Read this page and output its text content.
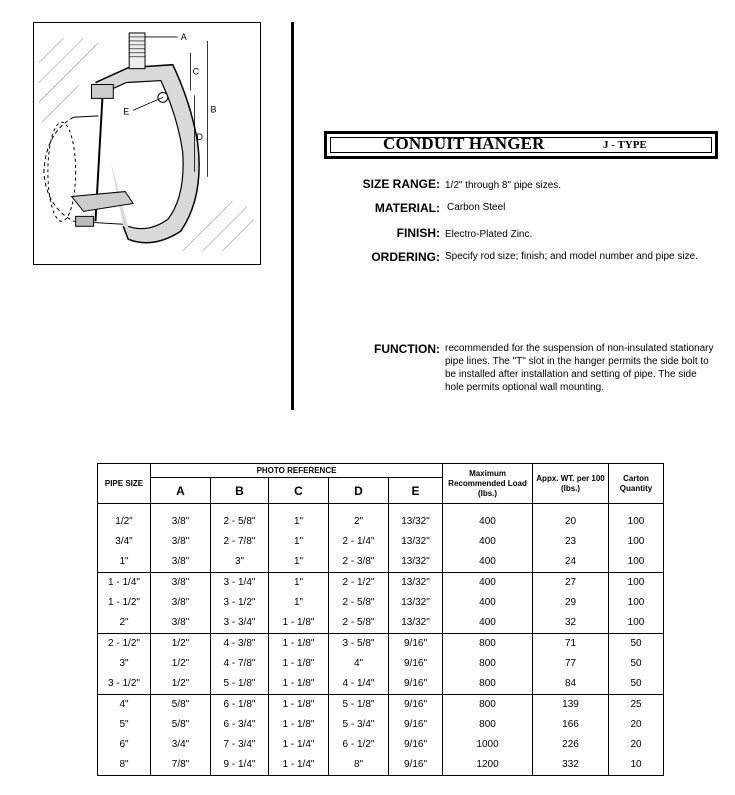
A
C
B
D
E
CONDUIT HANGER	J - TYPE
SIZE RANGE: 1/2" through 8" pipe sizes.
MATERIAL: Carbon Steel
FINISH: Electro-Plated Zinc.
ORDERING: Specify rod size; finish; and model number and pipe size.
FUNCTION: recommended for the suspension of non-insulated stationary pipe lines. The "T" slot in the hanger permits the side bolt to be installed after installation and setting of pipe. The side hole permits optional wall mounting.
PIPE SIZE	PHOTO REFERENCE					Maximum Recommended Load (lbs.)	Appx. WT. per 100 (lbs.)	Carton Quantity
	A	B	C	D	E			
1/2"	3/8"	2 - 5/8"	1"	2"	13/32"	400	20	100
3/4"	3/8"	2 - 7/8"	1"	2 - 1/4"	13/32"	400	23	100
1"	3/8"	3"	1"	2 - 3/8"	13/32"	400	24	100
1 - 1/4"	3/8"	3 - 1/4"	1"	2 - 1/2"	13/32"	400	27	100
1 - 1/2"	3/8"	3 - 1/2"	1"	2 - 5/8"	13/32"	400	29	100
2"	3/8"	3 - 3/4"	1 - 1/8"	2 - 5/8"	13/32"	400	32	100
2 - 1/2"	1/2"	4 - 3/8"	1 - 1/8"	3 - 5/8"	9/16"	800	71	50
3"	1/2"	4 - 7/8"	1 - 1/8"	4"	9/16"	800	77	50
3 - 1/2"	1/2"	5 - 1/8"	1 - 1/8"	4 - 1/4"	9/16"	800	84	50
4"	5/8"	6 - 1/8"	1 - 1/8"	5 - 1/8"	9/16"	800	139	25
5"	5/8"	6 - 3/4"	1 - 1/8"	5 - 3/4"	9/16"	800	166	20
6"	3/4"	7 - 3/4"	1 - 1/4"	6 - 1/2"	9/16"	1000	226	20
8"	7/8"	9 - 1/4"	1 - 1/4"	8"	9/16"	1200	332	10
